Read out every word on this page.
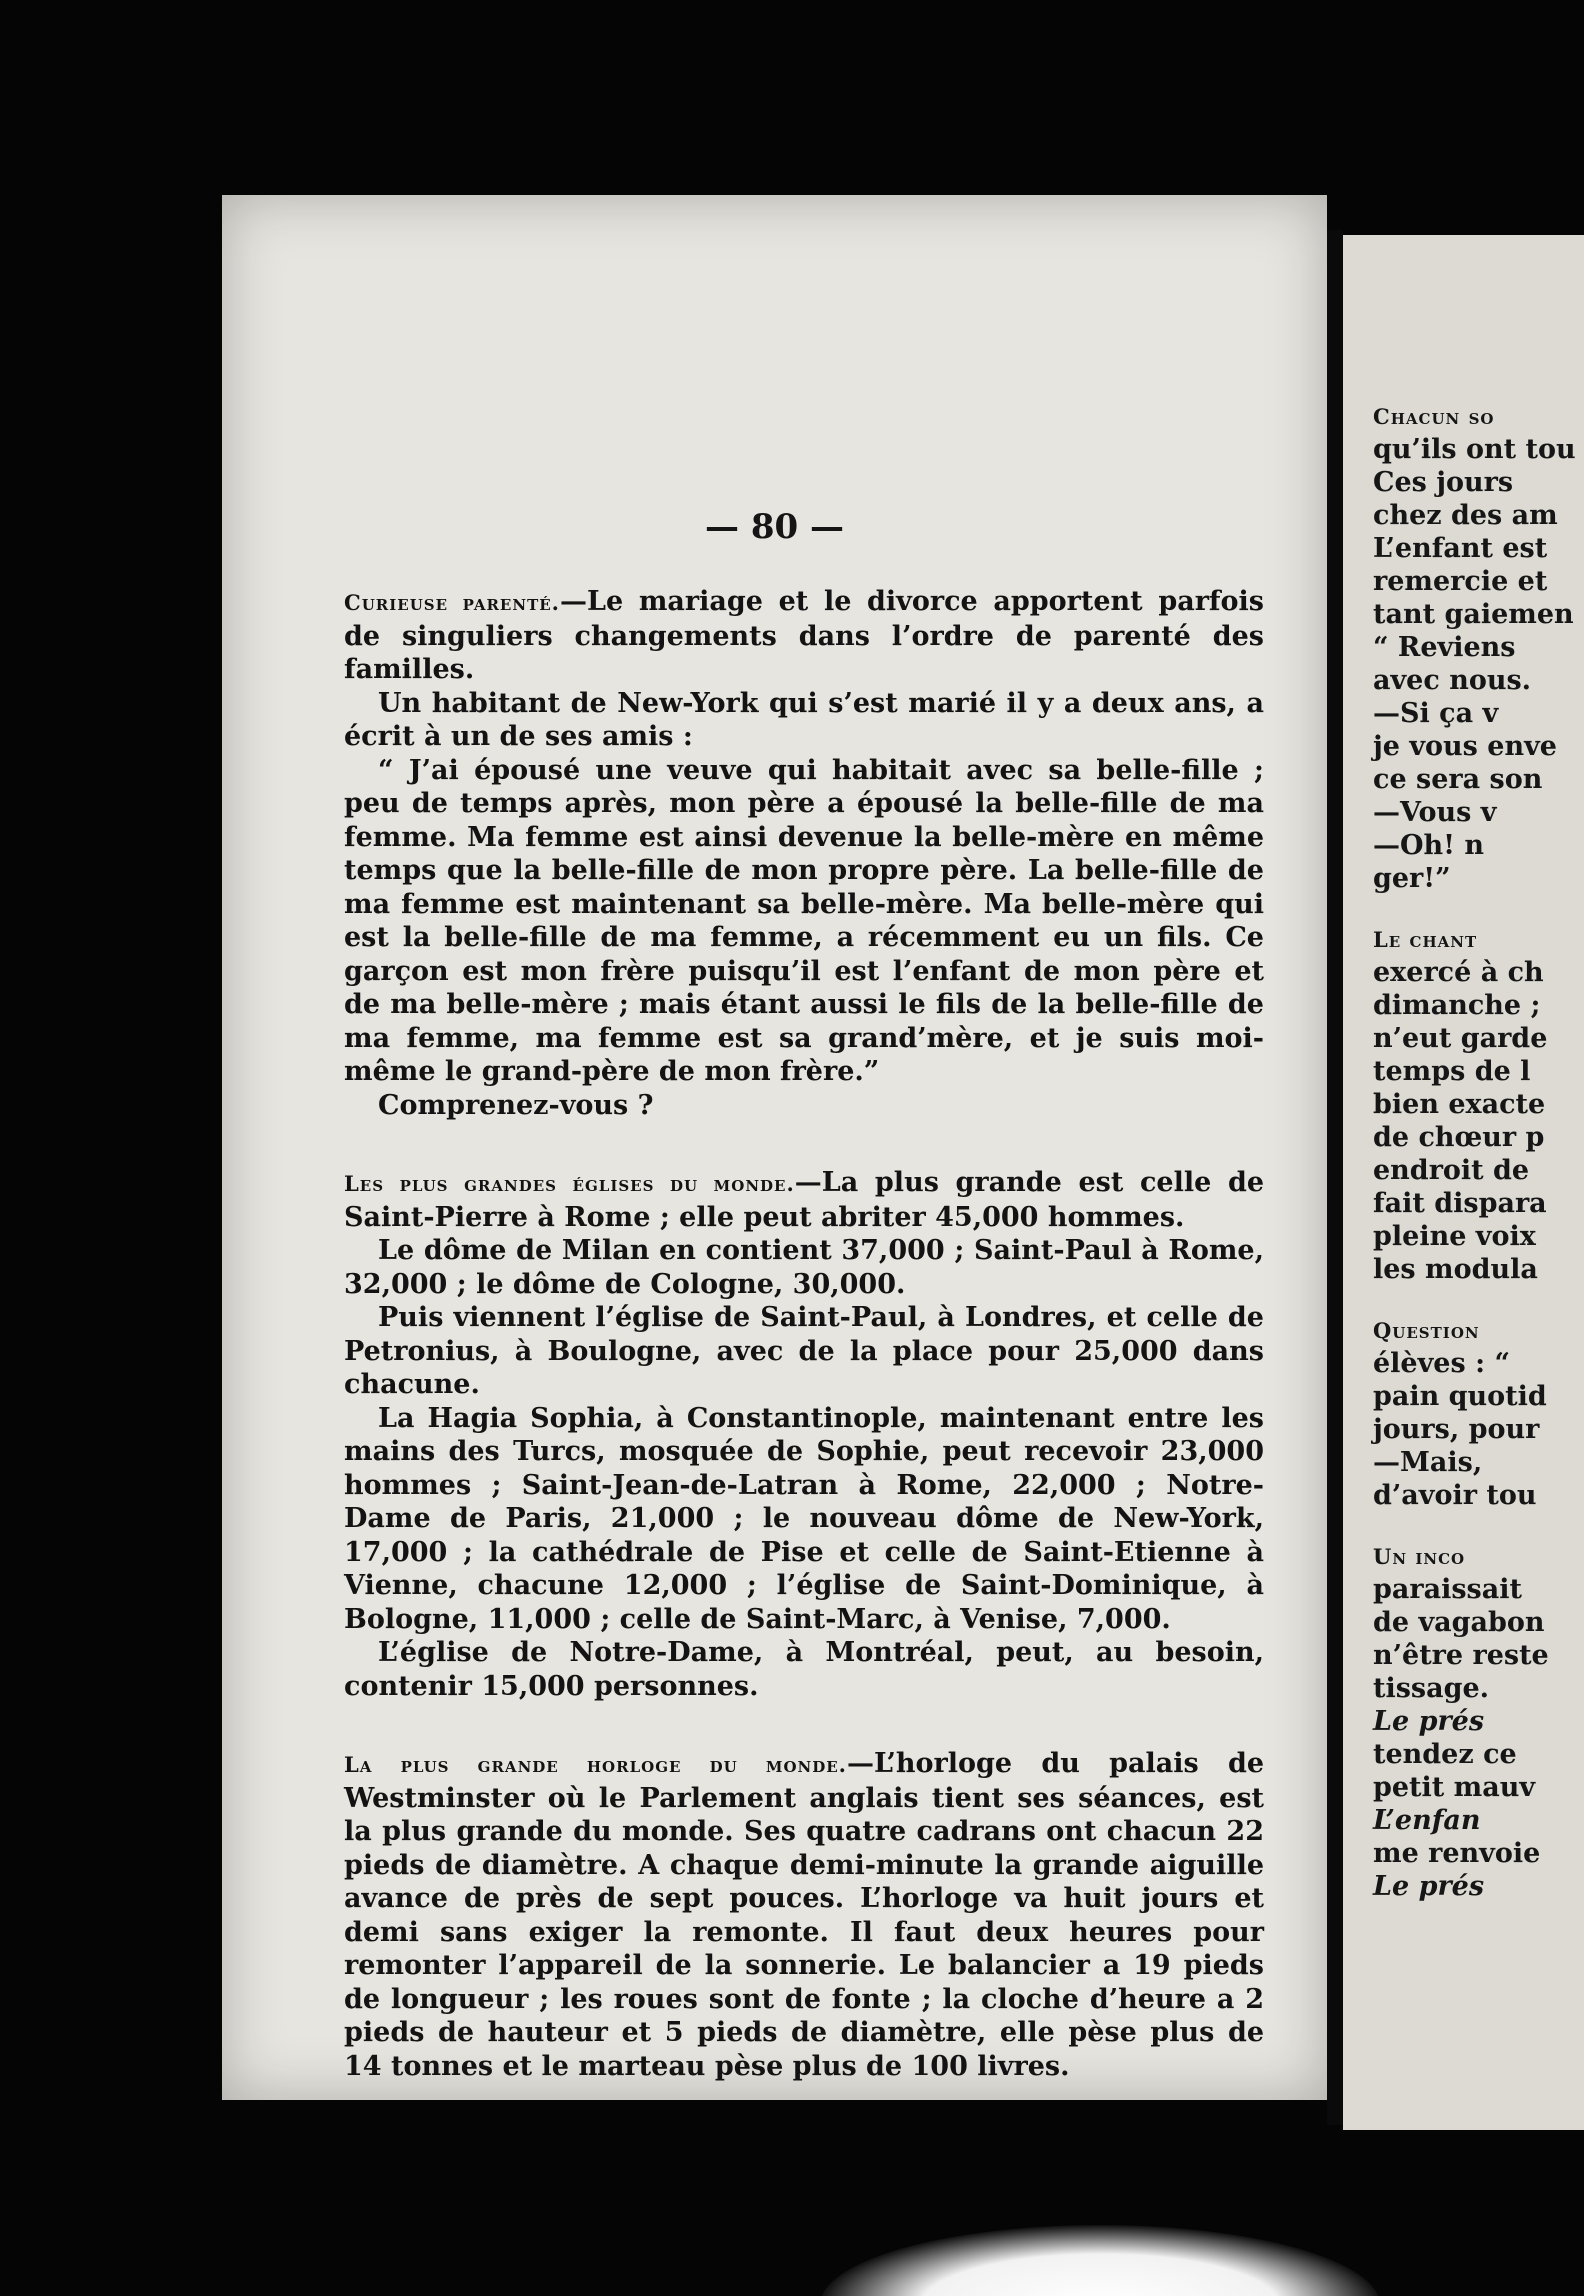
— 80 —

Curieuse parenté.—Le mariage et le divorce apportent parfois de singuliers changements dans l’ordre de parenté des familles.

Un habitant de New-York qui s’est marié il y a deux ans, a écrit à un de ses amis :

“ J’ai épousé une veuve qui habitait avec sa belle-fille ; peu de temps après, mon père a épousé la belle-fille de ma femme. Ma femme est ainsi devenue la belle-mère en même temps que la belle-fille de mon propre père. La belle-fille de ma femme est maintenant sa belle-mère. Ma belle-mère qui est la belle-fille de ma femme, a récemment eu un fils. Ce garçon est mon frère puisqu’il est l’enfant de mon père et de ma belle-mère ; mais étant aussi le fils de la belle-fille de ma femme, ma femme est sa grand’mère, et je suis moi-même le grand-père de mon frère.”

Comprenez-vous ?

Les plus grandes églises du monde.—La plus grande est celle de Saint-Pierre à Rome ; elle peut abriter 45,000 hommes.

Le dôme de Milan en contient 37,000 ; Saint-Paul à Rome, 32,000 ; le dôme de Cologne, 30,000.

Puis viennent l’église de Saint-Paul, à Londres, et celle de Petronius, à Boulogne, avec de la place pour 25,000 dans chacune.

La Hagia Sophia, à Constantinople, maintenant entre les mains des Turcs, mosquée de Sophie, peut recevoir 23,000 hommes ; Saint-Jean-de-Latran à Rome, 22,000 ; Notre-Dame de Paris, 21,000 ; le nouveau dôme de New-York, 17,000 ; la cathédrale de Pise et celle de Saint-Etienne à Vienne, chacune 12,000 ; l’église de Saint-Dominique, à Bologne, 11,000 ; celle de Saint-Marc, à Venise, 7,000.

L’église de Notre-Dame, à Montréal, peut, au besoin, contenir 15,000 personnes.

La plus grande horloge du monde.—L’horloge du palais de Westminster où le Parlement anglais tient ses séances, est la plus grande du monde. Ses quatre cadrans ont chacun 22 pieds de diamètre. A chaque demi-minute la grande aiguille avance de près de sept pouces. L’horloge va huit jours et demi sans exiger la remonte. Il faut deux heures pour remonter l’appareil de la sonnerie. Le balancier a 19 pieds de longueur ; les roues sont de fonte ; la cloche d’heure a 2 pieds de hauteur et 5 pieds de diamètre, elle pèse plus de 14 tonnes et le marteau pèse plus de 100 livres.

Chacun so
qu’ils ont tou
Ces jours
chez des am
L’enfant est
remercie et
tant gaiemen
“ Reviens
avec nous.
—Si ça v
je vous enve
ce sera son
—Vous v
—Oh! n
ger!”
Le chant
exercé à ch
dimanche ;
n’eut garde
temps de l
bien exacte
de chœur p
endroit de
fait dispara
pleine voix
les modula
Question
élèves : “
pain quotid
jours, pour
—Mais,
d’avoir tou
Un inco
paraissait
de vagabon
n’être reste
tissage.
Le prés
tendez ce
petit mauv
L’enfan
me renvoie
Le prés
